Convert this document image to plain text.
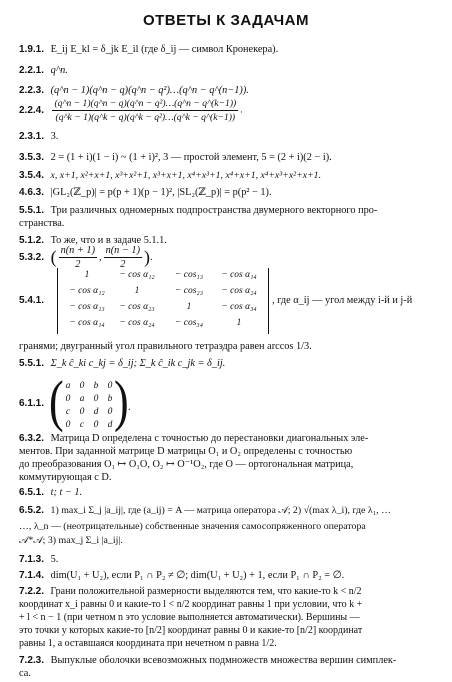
ОТВЕТЫ К ЗАДАЧАМ
1.9.1. E_ij E_kl = δ_jk E_il (где δ_ij — символ Кронекера).
2.2.1. q^n.
2.2.3. (q^n − 1)(q^n − q)(q^n − q²)…(q^n − q^(n−1)).
2.2.4. $\frac{\text{(q\textasciicircum{}n − 1)(q\textasciicircum{}n − q)(q\textasciicircum{}n − q²)…(q\textasciicircum{}n − q\textasciicircum{}(k−1))}}{\text{(q\textasciicircum{}k − 1)(q\textasciicircum{}k − q)(q\textasciicircum{}k − q²)…(q\textasciicircum{}k − q\textasciicircum{}(k−1))}}$ .
2.3.1. 3.
3.5.3. 2 = (1 + i)(1 − i) ~ (1 + i)², 3 — простой элемент, 5 = (2 + i)(2 − i).
3.5.4. x, x+1, x²+x+1, x³+x²+1, x³+x+1, x⁴+x³+1, x⁴+x+1, x⁴+x³+x²+x+1.
4.6.3. |GL₂(ℤ_p)| = p(p + 1)(p − 1)², |SL₂(ℤ_p)| = p(p² − 1).
5.5.1. Три различных одномерных подпространства двумерного векторного про-
странства.
5.1.2. То же, что и в задаче 5.1.1.
5.3.2. ( $\frac{n(n + 1)}{2}$ , $\frac{n(n - 1)}{2}$ ).
5.4.1.
1	− cos α₁₂	− cos₁₃	− cos α₁₄
− cos α₁₂	1	− cos₂₃	− cos α₂₄
− cos α₁₃	− cos α₂₃	1	− cos α₃₄
− cos α₁₄	− cos α₂₄	− cos₃₄	1
, где α_ij — угол между i-й и j-й
гранями; двугранный угол правильного тетраэдра равен arccos 1/3.
5.5.1. Σ_k ĉ_ki c_kj = δ_ij; Σ_k ĉ_ik c_jk = δ_ij.
6.1.1. ( )
a 0 b 0
0 a 0 b
c	0 d 0
0	c	0 d
.
6.3.2. Матрица D определена с точностью до перестановки диагональных эле-
ментов. При заданной матрице D матрицы O₁ и O₂ определены с точностью
до преобразования O₁ ↦ O₁O, O₂ ↦ O⁻¹O₂, где O — ортогональная матрица,
коммутирующая с D.
6.5.1. t; t − 1.
6.5.2. 1) max_i Σ_j |a_ij|, где (a_ij) = A — матрица оператора 𝒜; 2) √(max λ_i), где λ₁, …
…, λ_n — (неотрицательные) собственные значения самосопряженного оператора
𝒜*𝒜; 3) max_j Σ_i |a_ij|.
7.1.3. 5.
7.1.4. dim(U₁ + U₂), если P₁ ∩ P₂ ≠ ∅; dim(U₁ + U₂) + 1, если P₁ ∩ P₂ = ∅.
7.2.2. Грани положительной размерности выделяются тем, что какие-то k < n/2
координат x_i равны 0 и какие-то l < n/2 координат равны 1 при условии, что k +
+ l < n − 1 (при четном n это условие выполняется автоматически). Вершины —
это точки у которых какие-то [n/2] координат равны 0 и какие-то [n/2] координат
равны 1, а оставшаяся координата при нечетном n равна 1/2.
7.2.3. Выпуклые оболочки всевозможных подмножеств множества вершин симплек-
са.
